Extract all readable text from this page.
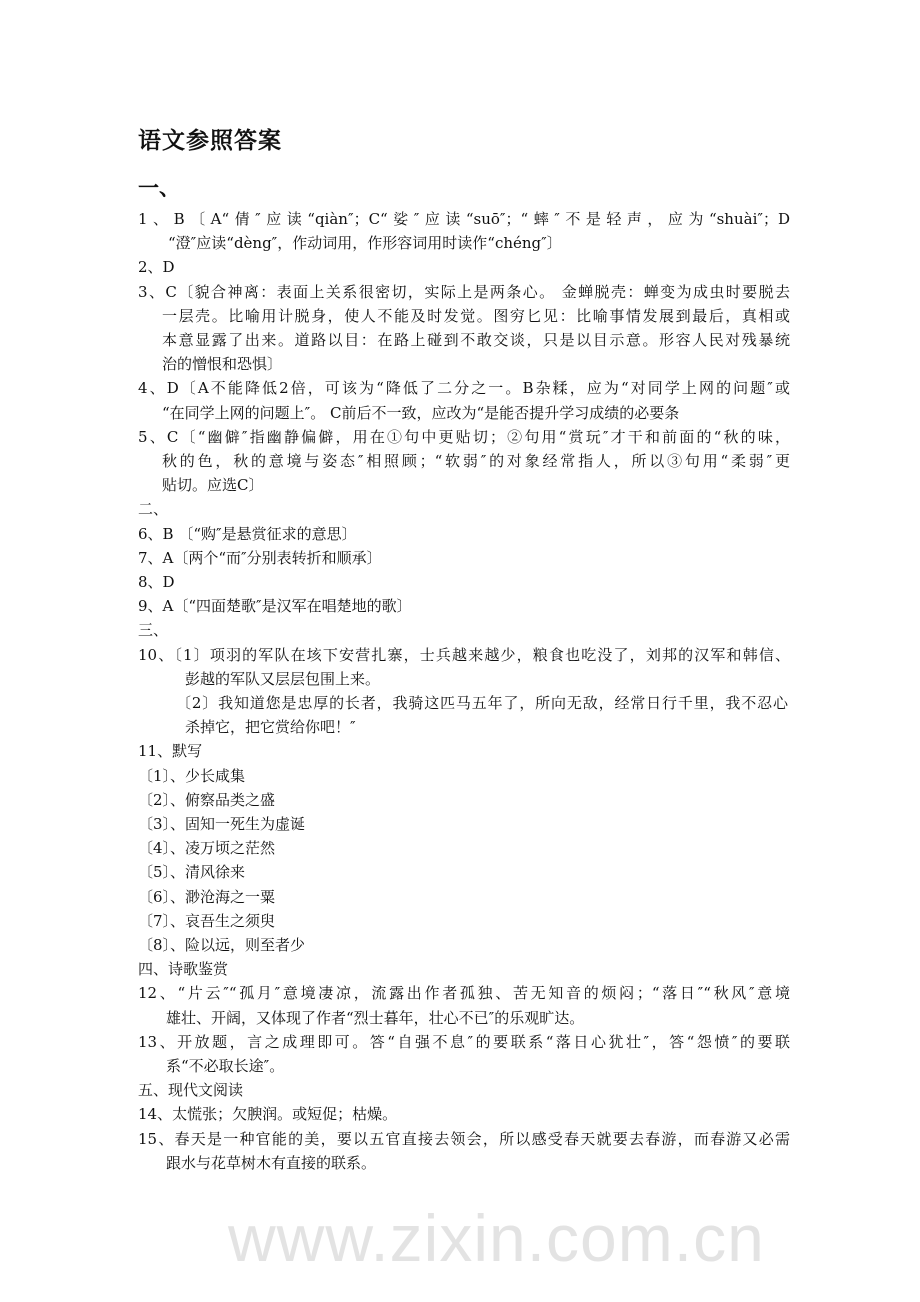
语文参照答案
一、
1、B〔A“倩″应读“qiàn″；C“娑″应读“suō″；“蟀″不是轻声，应为“shuài″；D
“澄″应读“dèng″，作动词用，作形容词用时读作“chéng″〕
2、D
3、C〔貌合神离：表面上关系很密切，实际上是两条心。 金蝉脱壳：蝉变为成虫时要脱去
一层壳。比喻用计脱身，使人不能及时发觉。图穷匕见：比喻事情发展到最后，真相或
本意显露了出来。道路以目：在路上碰到不敢交谈，只是以目示意。形容人民对残暴统
治的憎恨和恐惧〕
4、D〔A不能降低2倍，可该为“降低了二分之一。B杂糅，应为“对同学上网的问题″或
“在同学上网的问题上″。 C前后不一致，应改为“是能否提升学习成绩的必要条
5、C〔“幽僻″指幽静偏僻，用在①句中更贴切；②句用“赏玩″才干和前面的“秋的味，
秋的色，秋的意境与姿态″相照顾；“软弱″的对象经常指人，所以③句用“柔弱″更
贴切。应选C〕
二、
6、B 〔“购″是悬赏征求的意思〕
7、A〔两个“而″分别表转折和顺承〕
8、D
9、A〔“四面楚歌″是汉军在唱楚地的歌〕
三、
10、〔1〕项羽的军队在垓下安营扎寨，士兵越来越少，粮食也吃没了，刘邦的汉军和韩信、
彭越的军队又层层包围上来。
〔2〕我知道您是忠厚的长者，我骑这匹马五年了，所向无敌，经常日行千里，我不忍心
杀掉它，把它赏给你吧！″
11、默写
〔1〕、少长咸集
〔2〕、俯察品类之盛
〔3〕、固知一死生为虚诞
〔4〕、凌万顷之茫然
〔5〕、清风徐来
〔6〕、渺沧海之一粟
〔7〕、哀吾生之须臾
〔8〕、险以远，则至者少
四、诗歌鉴赏
12、“片云″“孤月″意境凄凉，流露出作者孤独、苦无知音的烦闷；“落日″“秋风″意境
雄壮、开阔，又体现了作者“烈士暮年，壮心不已″的乐观旷达。
13、开放题，言之成理即可。答“自强不息″的要联系“落日心犹壮″，答“怨愤″的要联
系“不必取长途″。
五、现代文阅读
14、太慌张；欠腴润。或短促；枯燥。
15、春天是一种官能的美，要以五官直接去领会，所以感受春天就要去春游，而春游又必需
跟水与花草树木有直接的联系。
www.zixin.com.cn
